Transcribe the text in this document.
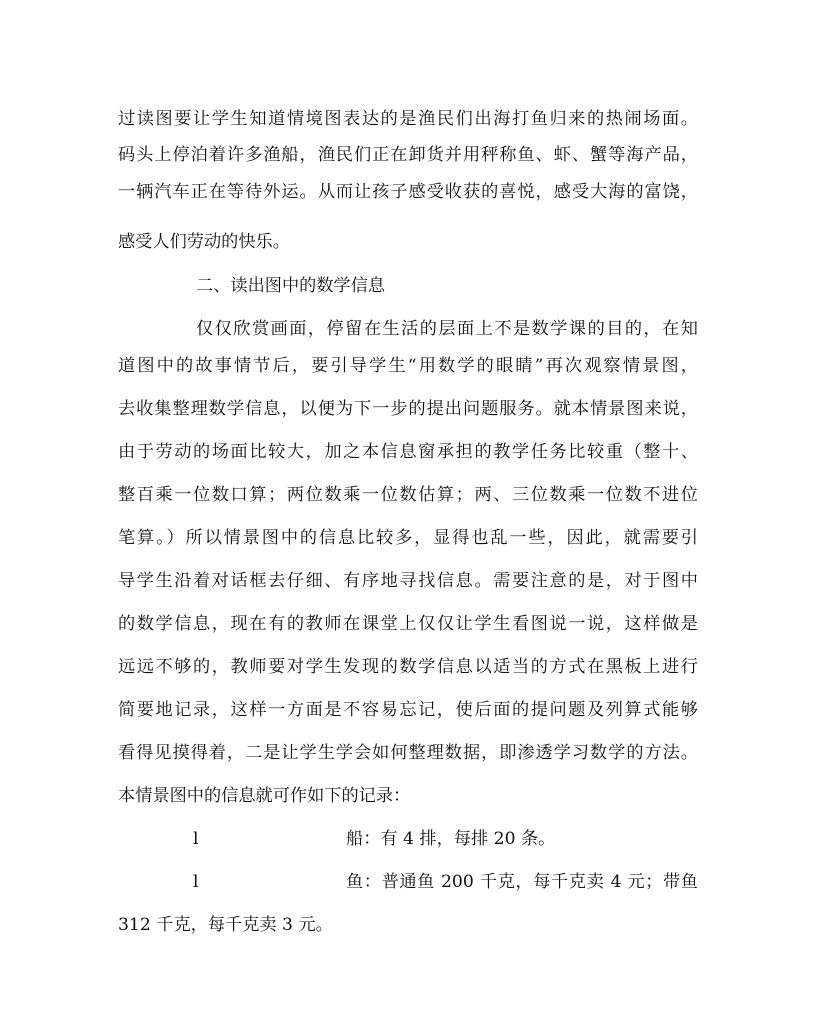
过读图要让学生知道情境图表达的是渔民们出海打鱼归来的热闹场面。
码头上停泊着许多渔船，渔民们正在卸货并用秤称鱼、虾、蟹等海产品，
一辆汽车正在等待外运。从而让孩子感受收获的喜悦，感受大海的富饶，
感受人们劳动的快乐。
二、读出图中的数学信息
仅仅欣赏画面，停留在生活的层面上不是数学课的目的，在知
道图中的故事情节后，要引导学生“用数学的眼睛”再次观察情景图，
去收集整理数学信息，以便为下一步的提出问题服务。就本情景图来说，
由于劳动的场面比较大，加之本信息窗承担的教学任务比较重（整十、
整百乘一位数口算；两位数乘一位数估算；两、三位数乘一位数不进位
笔算。）所以情景图中的信息比较多，显得也乱一些，因此，就需要引
导学生沿着对话框去仔细、有序地寻找信息。需要注意的是，对于图中
的数学信息，现在有的教师在课堂上仅仅让学生看图说一说，这样做是
远远不够的，教师要对学生发现的数学信息以适当的方式在黑板上进行
简要地记录，这样一方面是不容易忘记，使后面的提问题及列算式能够
看得见摸得着，二是让学生学会如何整理数据，即渗透学习数学的方法。
本情景图中的信息就可作如下的记录：
l	船：有 4 排，每排 20 条。
l	鱼：普通鱼 200 千克，每千克卖 4 元；带鱼
312 千克，每千克卖 3 元。
